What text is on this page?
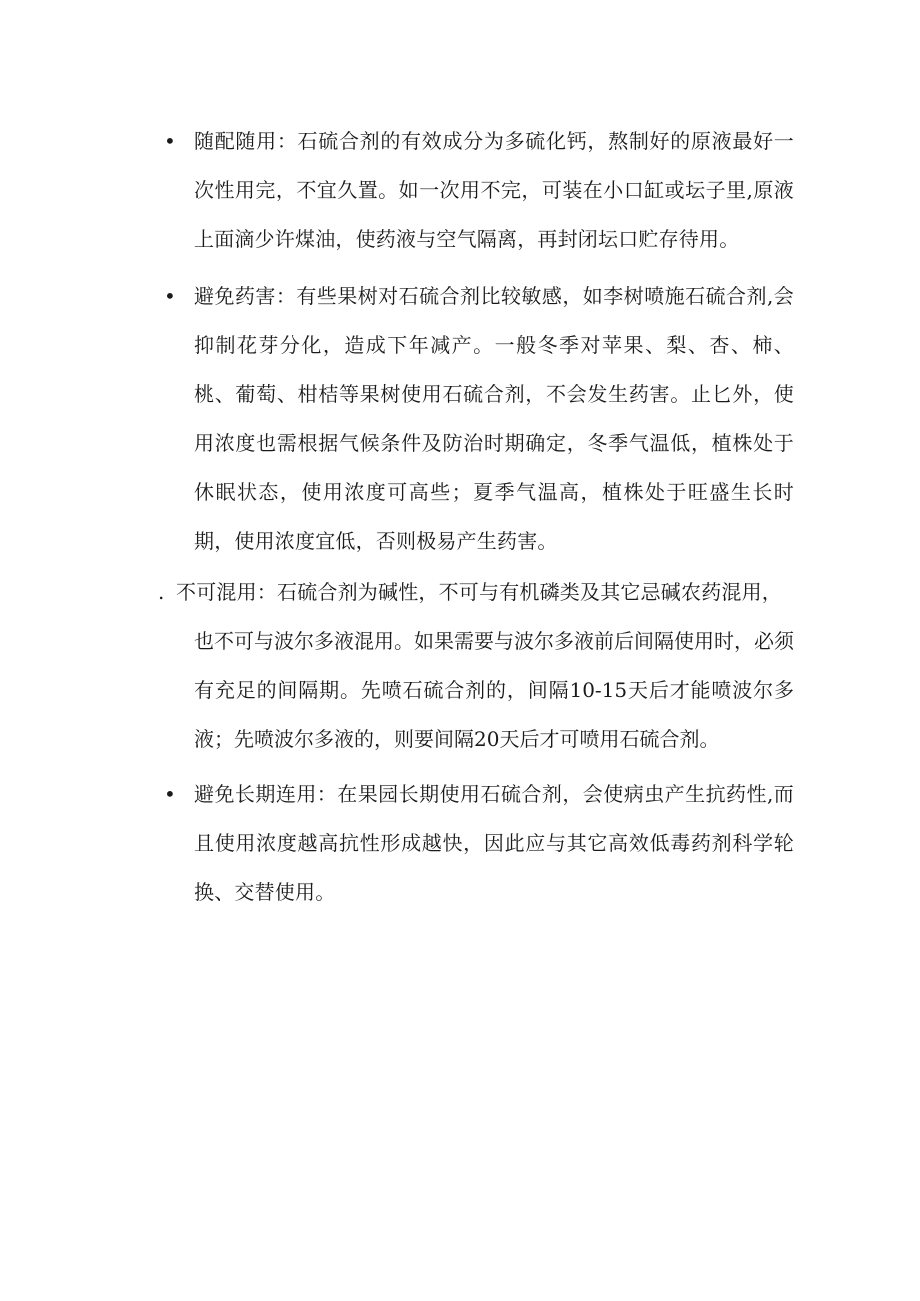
• 随配随用：石硫合剂的有效成分为多硫化钙，熬制好的原液最好一次性用完，不宜久置。如一次用不完，可装在小口缸或坛子里,原液上面滴少许煤油，使药液与空气隔离，再封闭坛口贮存待用。
• 避免药害：有些果树对石硫合剂比较敏感，如李树喷施石硫合剂,会抑制花芽分化，造成下年减产。一般冬季对苹果、梨、杏、柿、桃、葡萄、柑桔等果树使用石硫合剂，不会发生药害。止匕外，使用浓度也需根据气候条件及防治时期确定，冬季气温低，植株处于休眠状态，使用浓度可高些；夏季气温高，植株处于旺盛生长时期，使用浓度宜低，否则极易产生药害。
. 不可混用：石硫合剂为碱性，不可与有机磷类及其它忌碱农药混用，
也不可与波尔多液混用。如果需要与波尔多液前后间隔使用时，必须有充足的间隔期。先喷石硫合剂的，间隔10-15天后才能喷波尔多液；先喷波尔多液的，则要间隔20天后才可喷用石硫合剂。
• 避免长期连用：在果园长期使用石硫合剂，会使病虫产生抗药性,而且使用浓度越高抗性形成越快，因此应与其它高效低毒药剂科学轮换、交替使用。
